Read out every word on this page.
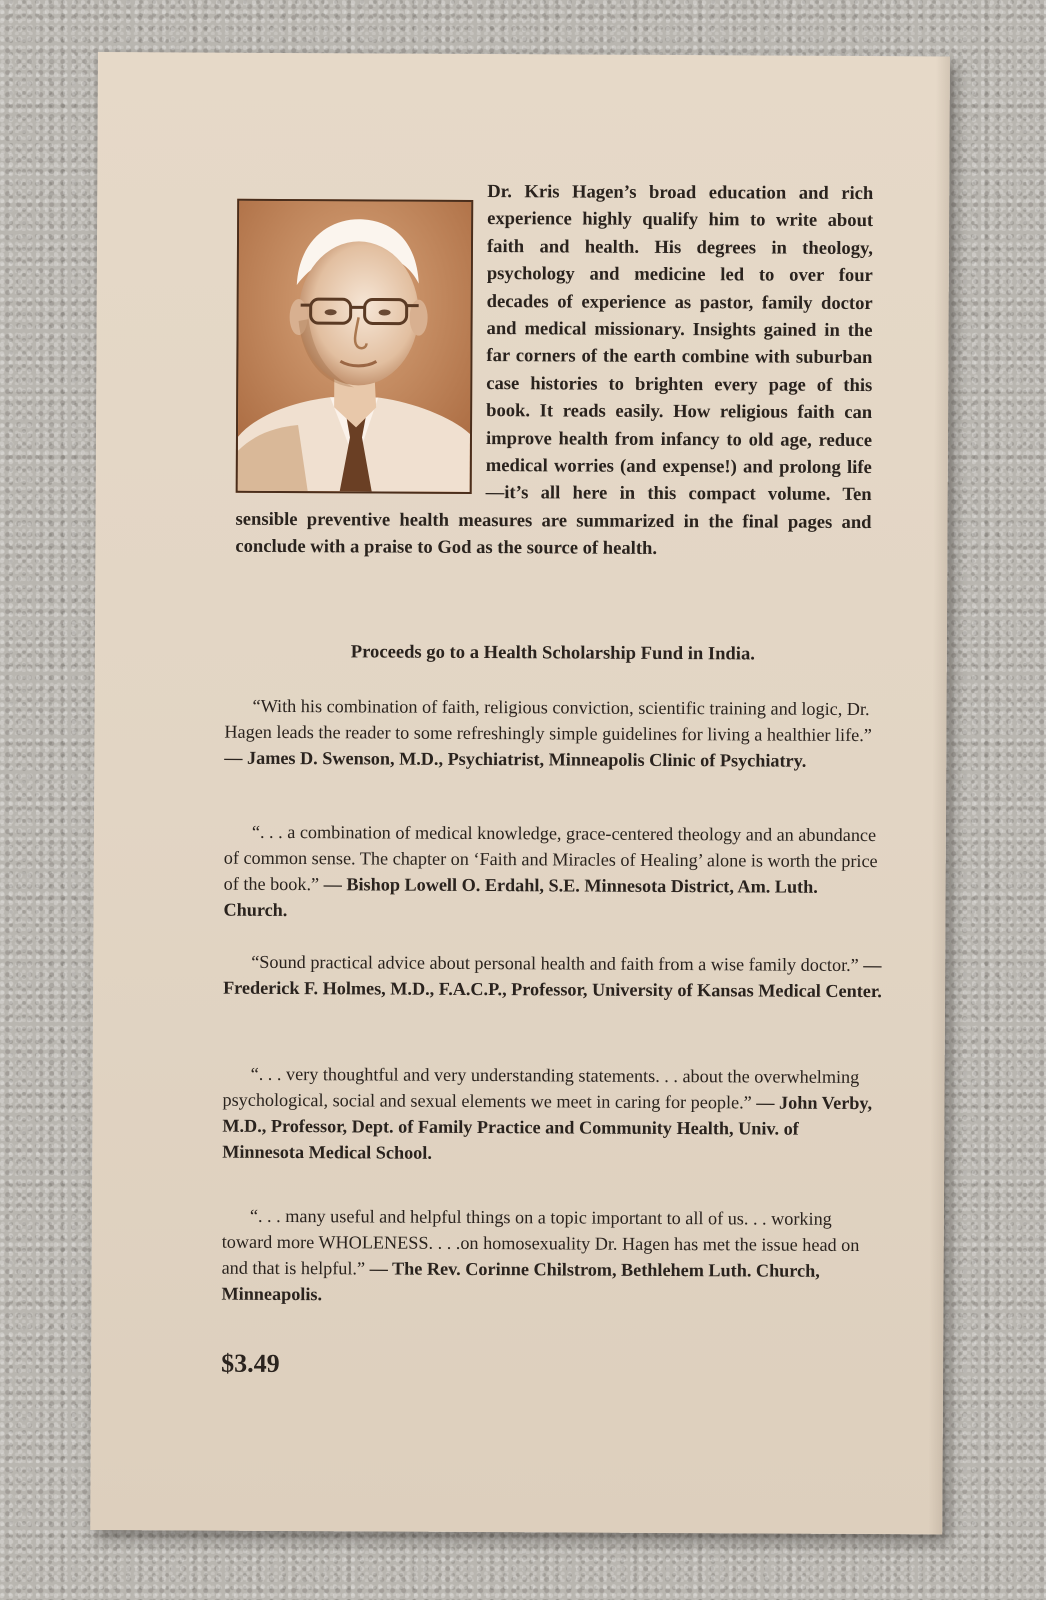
Dr. Kris Hagen’s broad education and rich experience highly qualify him to write about faith and health. His degrees in theology, psychology and medicine led to over four decades of experience as pastor, family doctor and medical missionary. Insights gained in the far corners of the earth combine with suburban case histories to brighten every page of this book. It reads easily. How religious faith can improve health from infancy to old age, reduce medical worries (and expense!) and prolong life—it’s all here in this compact volume. Ten sensible preventive health measures are summarized in the final pages and conclude with a praise to God as the source of health.

Proceeds go to a Health Scholarship Fund in India.

“With his combination of faith, religious conviction, scientific training and logic, Dr. Hagen leads the reader to some refreshingly simple guidelines for living a healthier life.” — James D. Swenson, M.D., Psychiatrist, Minneapolis Clinic of Psychiatry.

“. . . a combination of medical knowledge, grace-centered theology and an abundance of common sense. The chapter on ‘Faith and Miracles of Healing’ alone is worth the price of the book.” — Bishop Lowell O. Erdahl, S.E. Minnesota District, Am. Luth. Church.

“Sound practical advice about personal health and faith from a wise family doctor.” — Frederick F. Holmes, M.D., F.A.C.P., Professor, University of Kansas Medical Center.

“. . . very thoughtful and very understanding statements. . . about the overwhelming psychological, social and sexual elements we meet in caring for people.” — John Verby, M.D., Professor, Dept. of Family Practice and Community Health, Univ. of Minnesota Medical School.

“. . . many useful and helpful things on a topic important to all of us. . . working toward more WHOLENESS. . . .on homosexuality Dr. Hagen has met the issue head on and that is helpful.” — The Rev. Corinne Chilstrom, Bethlehem Luth. Church, Minneapolis.

$3.49
